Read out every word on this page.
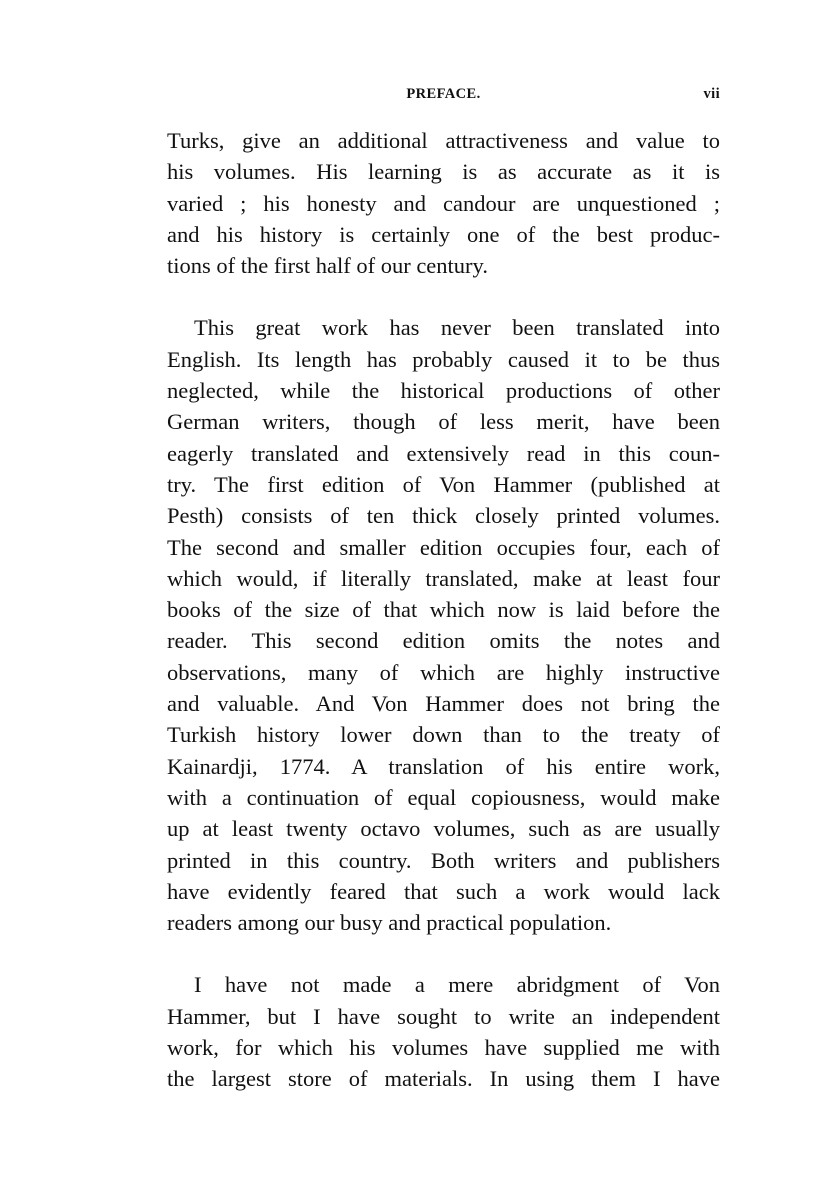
PREFACE.	vii

Turks, give an additional attractiveness and value to
his volumes. His learning is as accurate as it is
varied ; his honesty and candour are unquestioned ;
and his history is certainly one of the best produc-
tions of the first half of our century.

This great work has never been translated into
English. Its length has probably caused it to be thus
neglected, while the historical productions of other
German writers, though of less merit, have been
eagerly translated and extensively read in this coun-
try. The first edition of Von Hammer (published at
Pesth) consists of ten thick closely printed volumes.
The second and smaller edition occupies four, each of
which would, if literally translated, make at least four
books of the size of that which now is laid before the
reader. This second edition omits the notes and
observations, many of which are highly instructive
and valuable. And Von Hammer does not bring the
Turkish history lower down than to the treaty of
Kainardji, 1774. A translation of his entire work,
with a continuation of equal copiousness, would make
up at least twenty octavo volumes, such as are usually
printed in this country. Both writers and publishers
have evidently feared that such a work would lack
readers among our busy and practical population.

I have not made a mere abridgment of Von
Hammer, but I have sought to write an independent
work, for which his volumes have supplied me with
the largest store of materials. In using them I have
